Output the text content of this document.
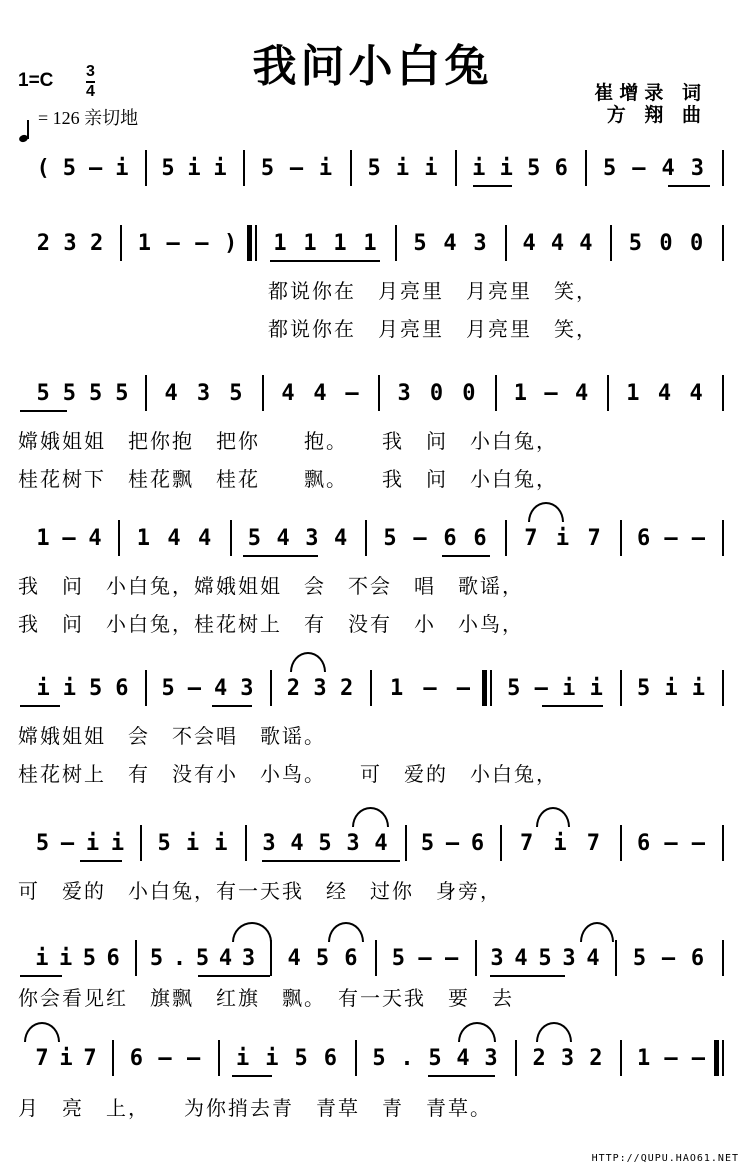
我问小白兔
1=C 3
4
= 126 亲切地
崔增录 词
方 翔 曲
( 5 – i 5 i i 5 – i 5 i i i i 5 6 5 – 4 3
2 3 2 1 – – ) 1 1 1 1 5 4 3 4 4 4 5 0 0
都说你在　月亮里　月亮里　笑，
都说你在　月亮里　月亮里　笑，
5 5 5 5 4 3 5 4 4 – 3 0 0 1 – 4 1 4 4
嫦娥姐姐　把你抱　把你　　抱。　　我　问　小白兔，
桂花树下　桂花飘　桂花　　飘。　　我　问　小白兔，
1 – 4 1 4 4 5 4 3 4 5 – 6 6 7 i 7 6 – –
我　问　小白兔，嫦娥姐姐　会　不会　唱　歌谣，
我　问　小白兔，桂花树上　有　没有　小　小鸟，
i i 5 6 5 – 4 3 2 3 2 1 – – 5 – i i 5 i i
嫦娥姐姐　会　不会唱　歌谣。
桂花树上　有　没有小　小鸟。　　可　爱的　小白兔，
5 – i i 5 i i 3 4 5 3 4 5 – 6 7 i 7 6 – –
可　爱的　小白兔，有一天我　经　过你　身旁，
i i 5 6 5 . 5 4 3 4 5 6 5 – – 3 4 5 3 4 5 – 6
你会看见红　旗飘　红旗　飘。　有一天我　要　去
7 i 7 6 – – i i 5 6 5 . 5 4 3 2 3 2 1 – –
月　亮　上，　　为你捎去青　青草　青　青草。
HTTP://QUPU.HAO61.NET
